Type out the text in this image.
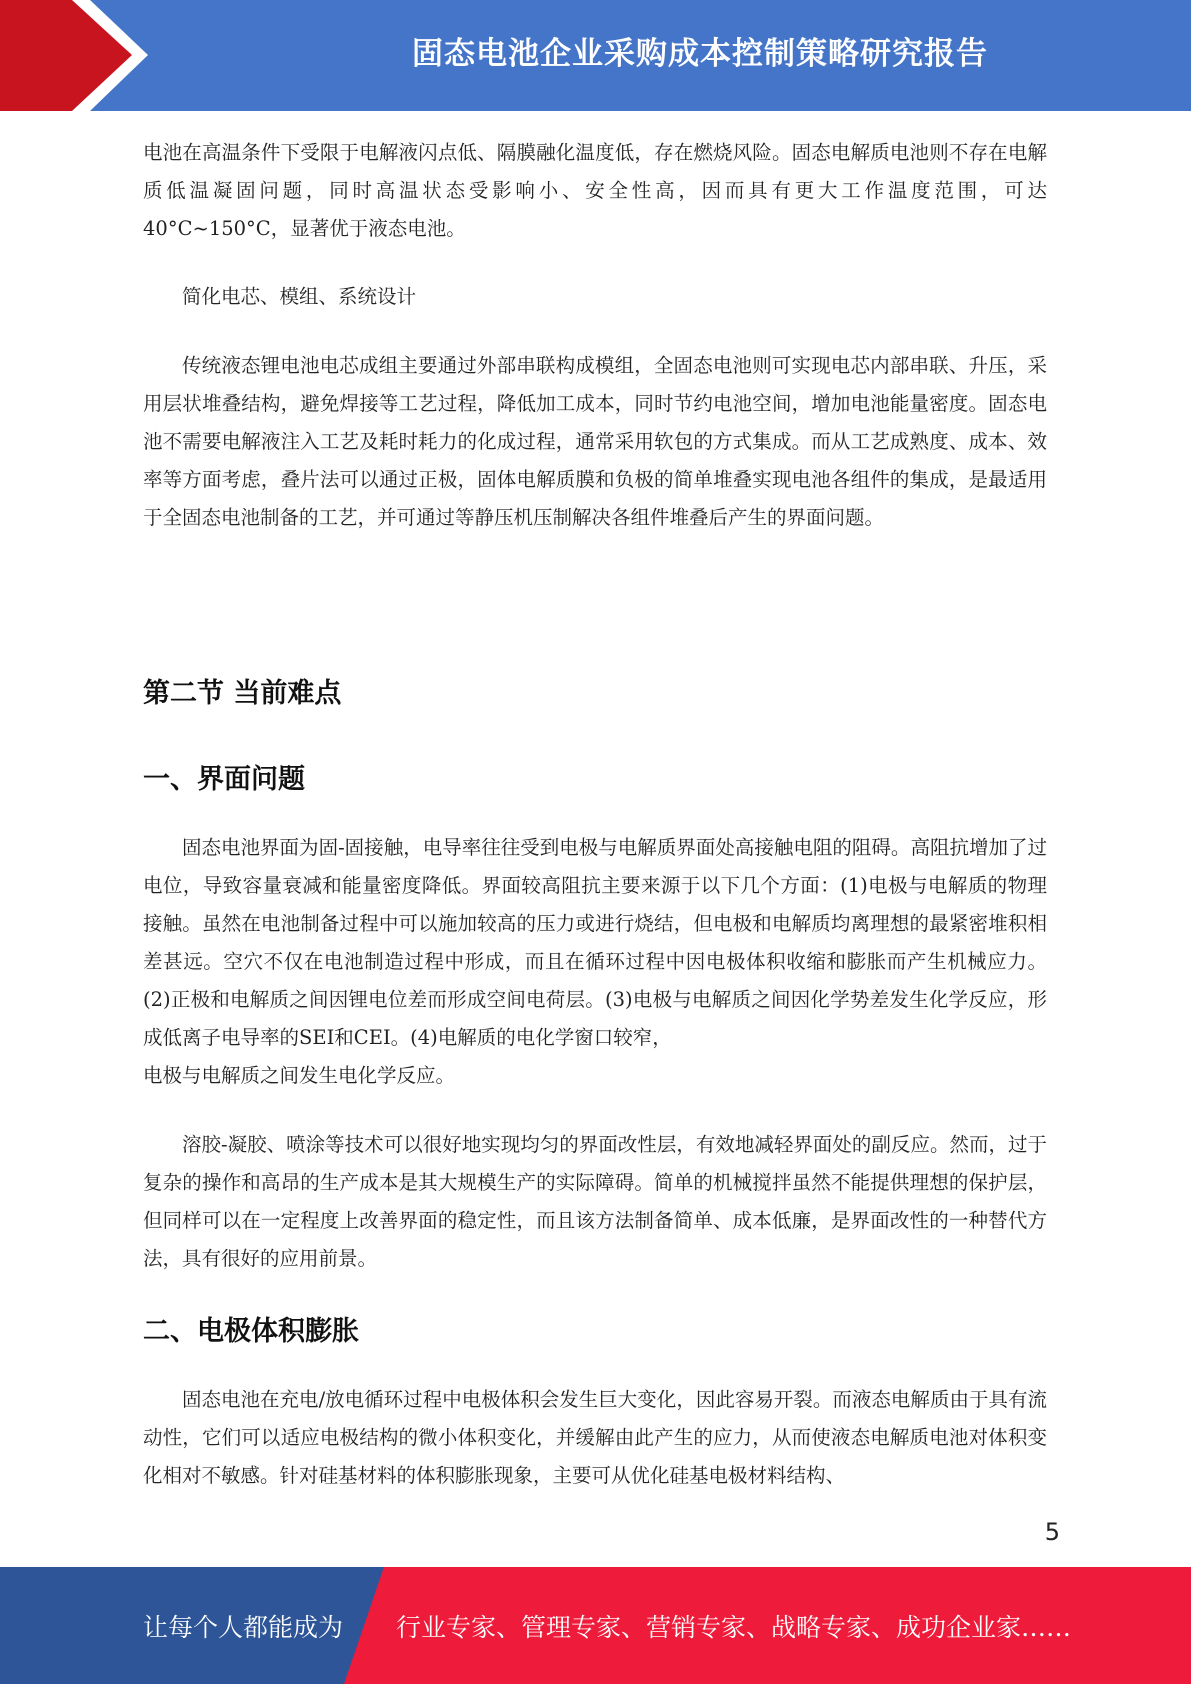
固态电池企业采购成本控制策略研究报告

电池在高温条件下受限于电解液闪点低、隔膜融化温度低，存在燃烧风险。固态电解质电池则不存在电解质低温凝固问题，同时高温状态受影响小、安全性高，因而具有更大工作温度范围，可达40°C~150°C，显著优于液态电池。

简化电芯、模组、系统设计

传统液态锂电池电芯成组主要通过外部串联构成模组，全固态电池则可实现电芯内部串联、升压，采用层状堆叠结构，避免焊接等工艺过程，降低加工成本，同时节约电池空间，增加电池能量密度。固态电池不需要电解液注入工艺及耗时耗力的化成过程，通常采用软包的方式集成。而从工艺成熟度、成本、效率等方面考虑，叠片法可以通过正极，固体电解质膜和负极的简单堆叠实现电池各组件的集成，是最适用于全固态电池制备的工艺，并可通过等静压机压制解决各组件堆叠后产生的界面问题。

第二节 当前难点
一、界面问题

固态电池界面为固-固接触，电导率往往受到电极与电解质界面处高接触电阻的阻碍。高阻抗增加了过电位，导致容量衰减和能量密度降低。界面较高阻抗主要来源于以下几个方面：(1)电极与电解质的物理接触。虽然在电池制备过程中可以施加较高的压力或进行烧结，但电极和电解质均离理想的最紧密堆积相差甚远。空穴不仅在电池制造过程中形成，而且在循环过程中因电极体积收缩和膨胀而产生机械应力。(2)正极和电解质之间因锂电位差而形成空间电荷层。(3)电极与电解质之间因化学势差发生化学反应，形成低离子电导率的SEI和CEI。(4)电解质的电化学窗口较窄，

电极与电解质之间发生电化学反应。

溶胶-凝胶、喷涂等技术可以很好地实现均匀的界面改性层，有效地减轻界面处的副反应。然而，过于复杂的操作和高昂的生产成本是其大规模生产的实际障碍。简单的机械搅拌虽然不能提供理想的保护层，但同样可以在一定程度上改善界面的稳定性，而且该方法制备简单、成本低廉，是界面改性的一种替代方法，具有很好的应用前景。

二、电极体积膨胀

固态电池在充电/放电循环过程中电极体积会发生巨大变化，因此容易开裂。而液态电解质由于具有流动性，它们可以适应电极结构的微小体积变化，并缓解由此产生的应力，从而使液态电解质电池对体积变化相对不敏感。针对硅基材料的体积膨胀现象，主要可从优化硅基电极材料结构、

5
让每个人都能成为 行业专家、管理专家、营销专家、战略专家、成功企业家……
